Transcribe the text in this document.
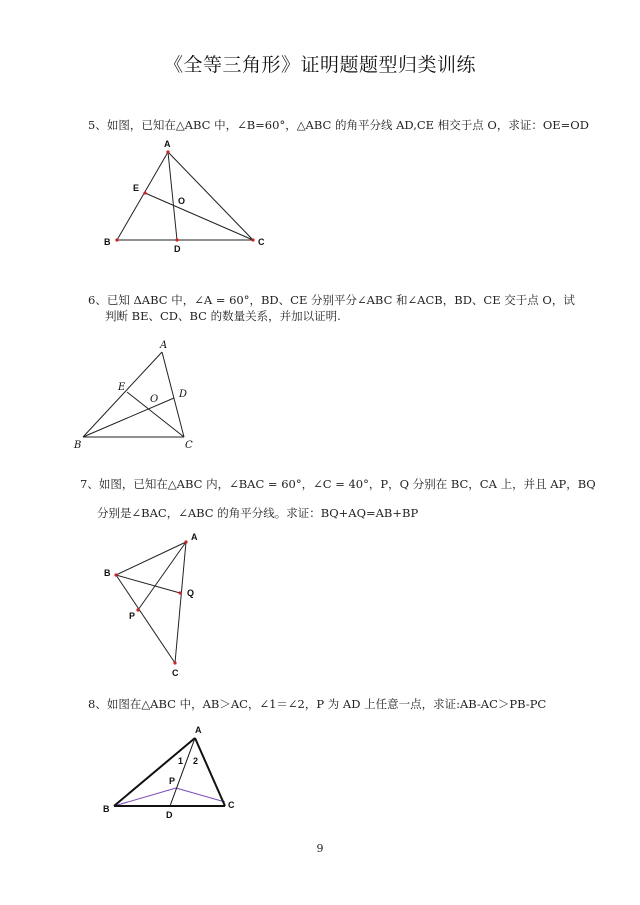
《全等三角形》证明题题型归类训练
5、如图，已知在△ABC 中，∠B=60°，△ABC 的角平分线 AD,CE 相交于点 O，求证：OE=OD
A
B	C
D
E
O
6、已知 ΔABC 中，∠A = 60°，BD、CE 分别平分∠ABC 和∠ACB，BD、CE 交于点 O，试
判断 BE、CD、BC 的数量关系，并加以证明.
A
B	C
D
E
O
7、如图，已知在△ABC 内，∠BAC = 60°，∠C = 40°，P，Q 分别在 BC，CA 上，并且 AP，BQ
分别是∠BAC，∠ABC 的角平分线。求证：BQ+AQ=AB+BP
A
B
C
P
Q
8、如图在△ABC 中，AB＞AC，∠1＝∠2，P 为 AD 上任意一点，求证:AB-AC＞PB-PC
A
B	C
D
P
1 2
9
